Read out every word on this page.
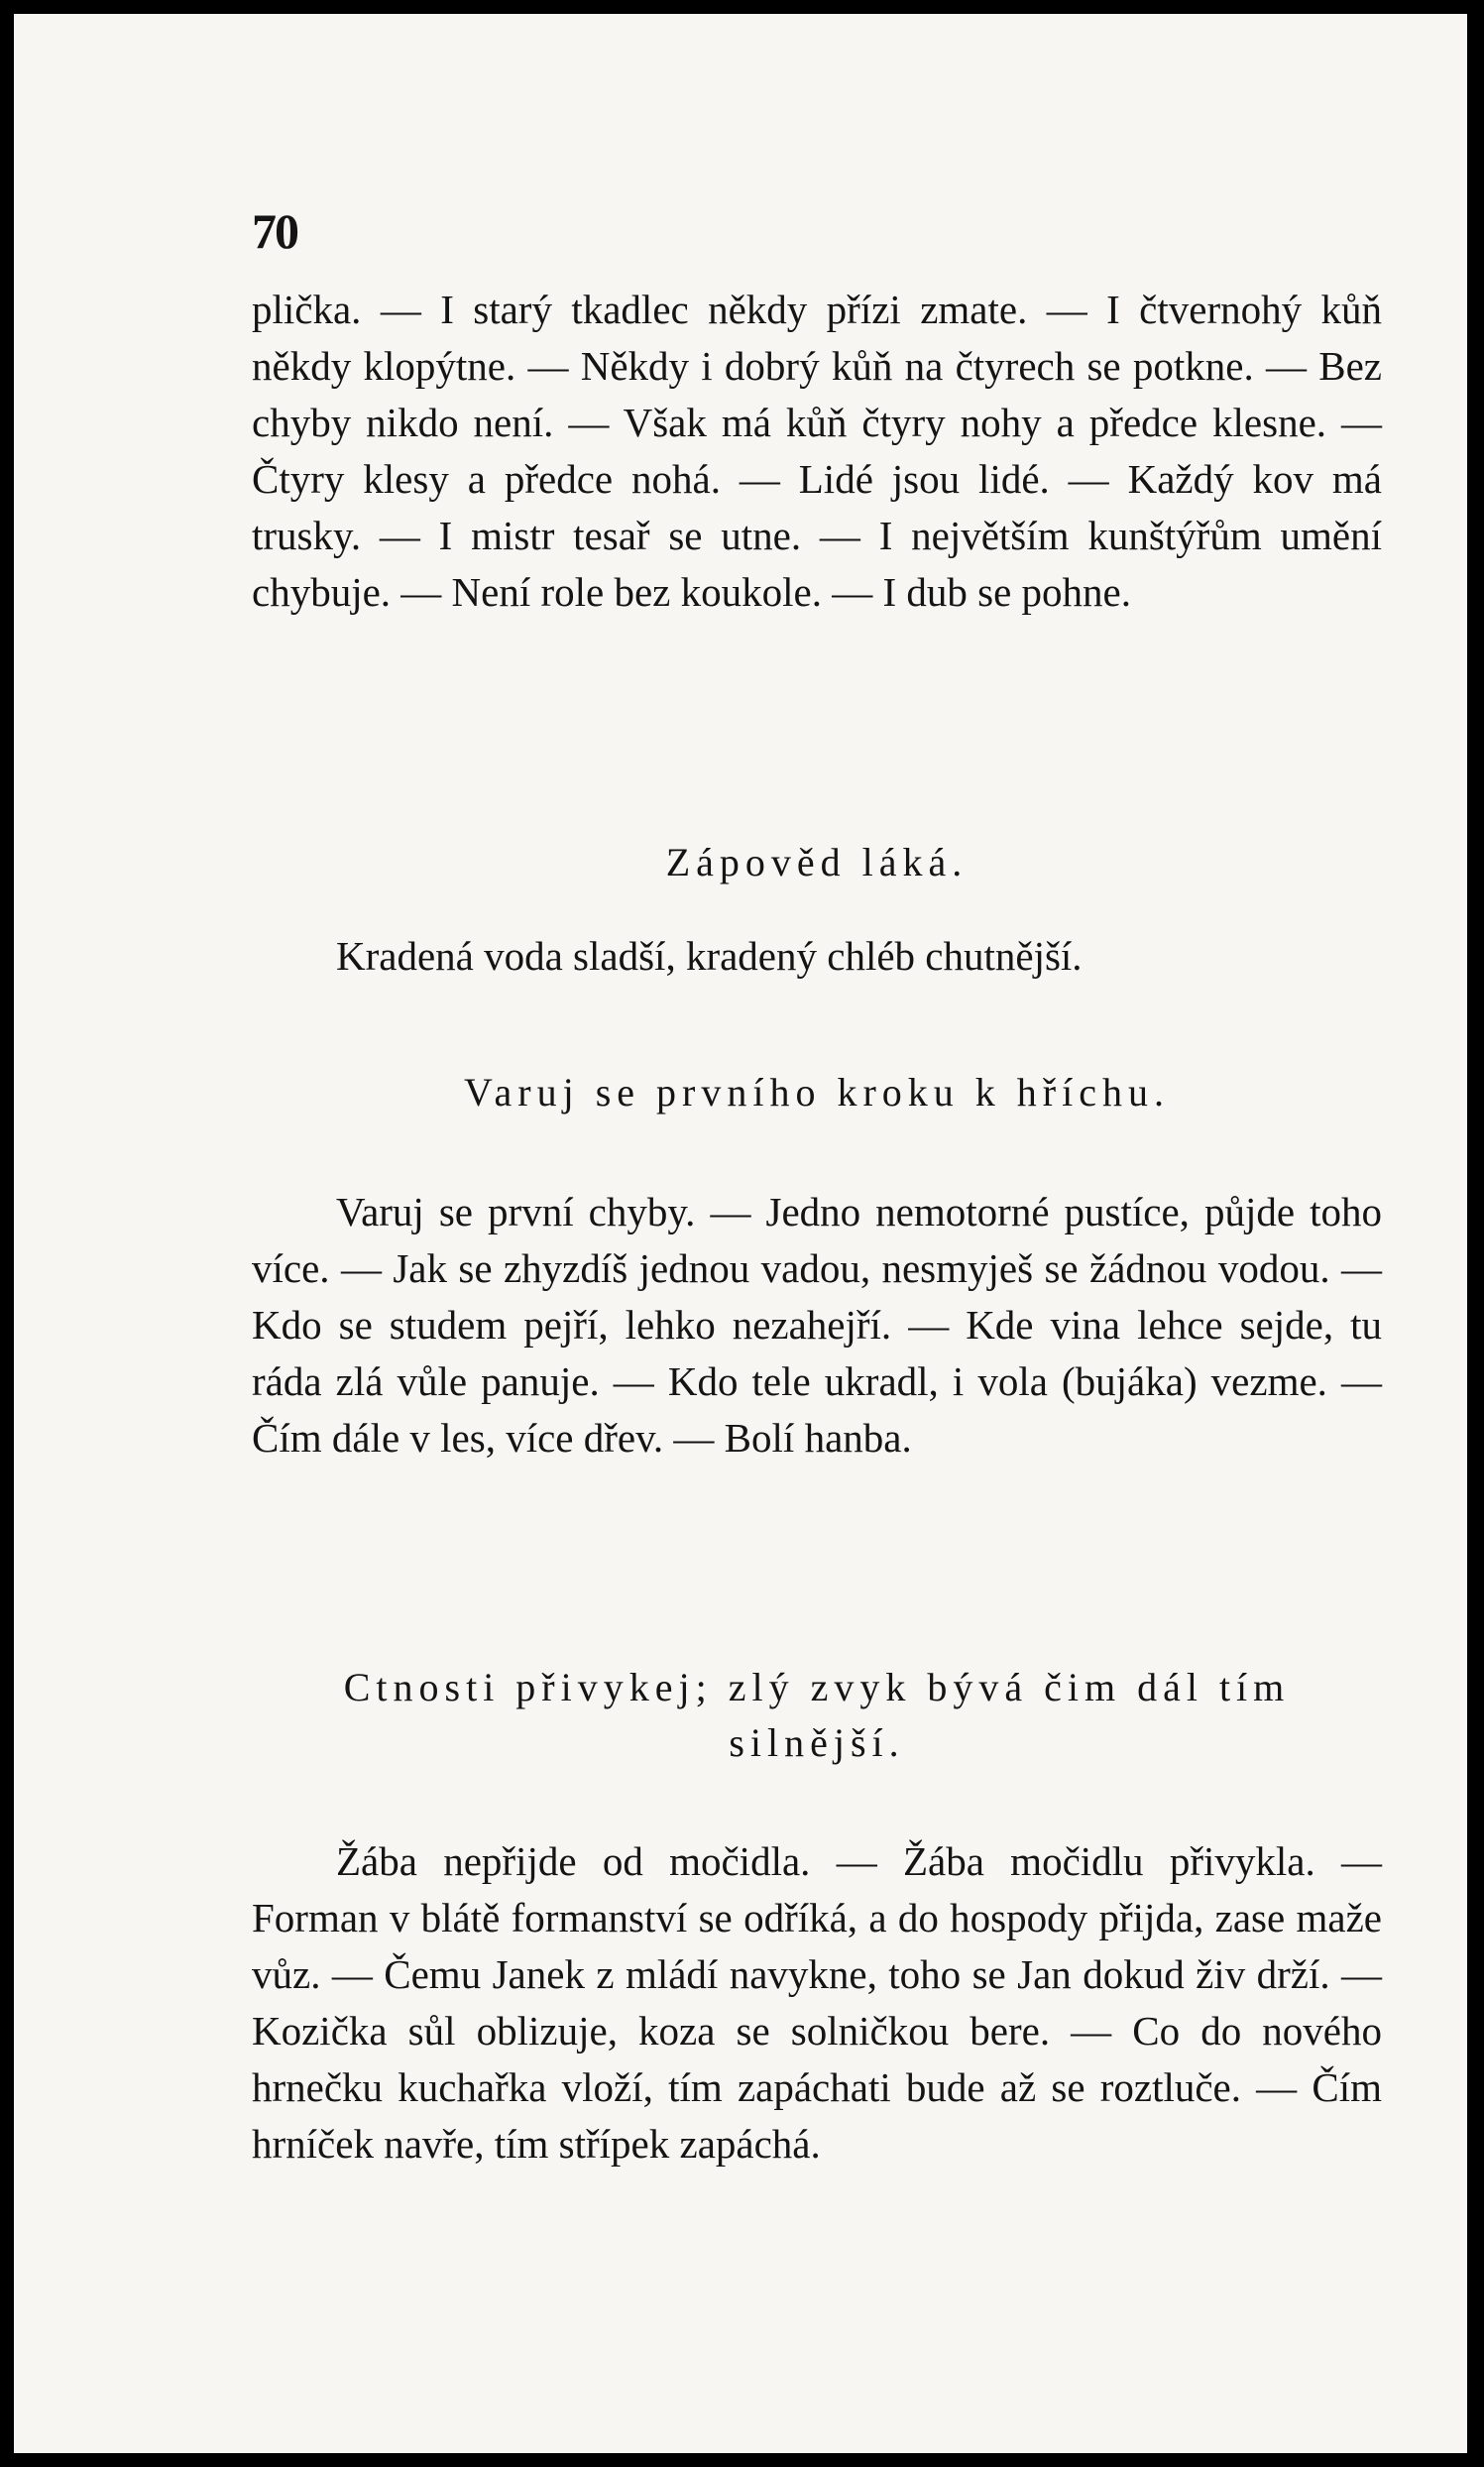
70

plička. — I starý tkadlec někdy přízi zmate. — I čtvernohý kůň někdy klopýtne. — Někdy i dobrý kůň na čtyrech se potkne. — Bez chyby nikdo není. — Však má kůň čtyry nohy a předce klesne. — Čtyry klesy a předce nohá. — Lidé jsou lidé. — Každý kov má trusky. — I mistr tesař se utne. — I největším kunštýřům umění chybuje. — Není role bez koukole. — I dub se pohne.

Zápověd láká.

Kradená voda sladší, kradený chléb chutnější.

Varuj se prvního kroku k hříchu.

Varuj se první chyby. — Jedno nemotorné pustíce, půjde toho více. — Jak se zhyzdíš jednou vadou, nesmyješ se žádnou vodou. — Kdo se studem pejří, lehko nezahejří. — Kde vina lehce sejde, tu ráda zlá vůle panuje. — Kdo tele ukradl, i vola (bujáka) vezme. — Čím dále v les, více dřev. — Bolí hanba.

Ctnosti přivykej; zlý zvyk bývá čim dál tím silnější.

Žába nepřijde od močidla. — Žába močidlu přivykla. — Forman v blátě formanství se odříká, a do hospody přijda, zase maže vůz. — Čemu Janek z mládí navykne, toho se Jan dokud živ drží. — Kozička sůl oblizuje, koza se solničkou bere. — Co do nového hrnečku kuchařka vloží, tím zapáchati bude až se roztluče. — Čím hrníček navře, tím střípek zapáchá.
